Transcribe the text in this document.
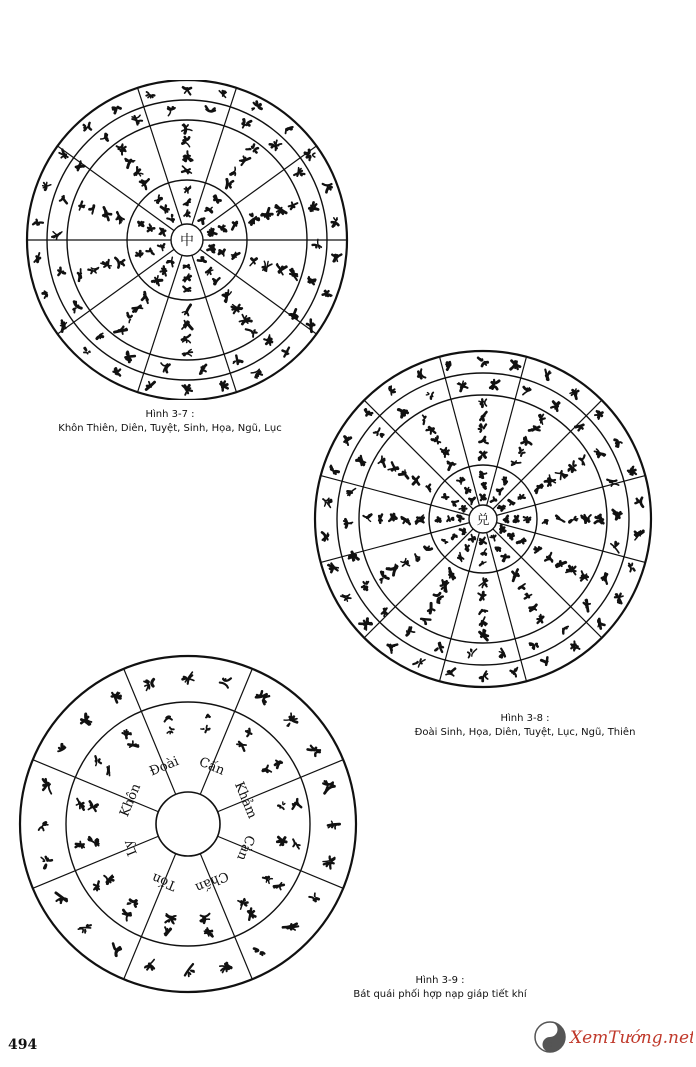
中
Hình 3-7 :
Khôn Thiên, Diên, Tuyệt, Sinh, Họa, Ngũ, Lục
兑
Hình 3-8 :
Đoài Sinh, Họa, Diên, Tuyệt, Lục, Ngũ, Thiên
Cấn
Khảm
Càn
Chấn
Tốn
Ly
Khôn
Đoài
Hình 3-9 :
Bát quái phối hợp nạp giáp tiết khí
494	XemTướng.net
